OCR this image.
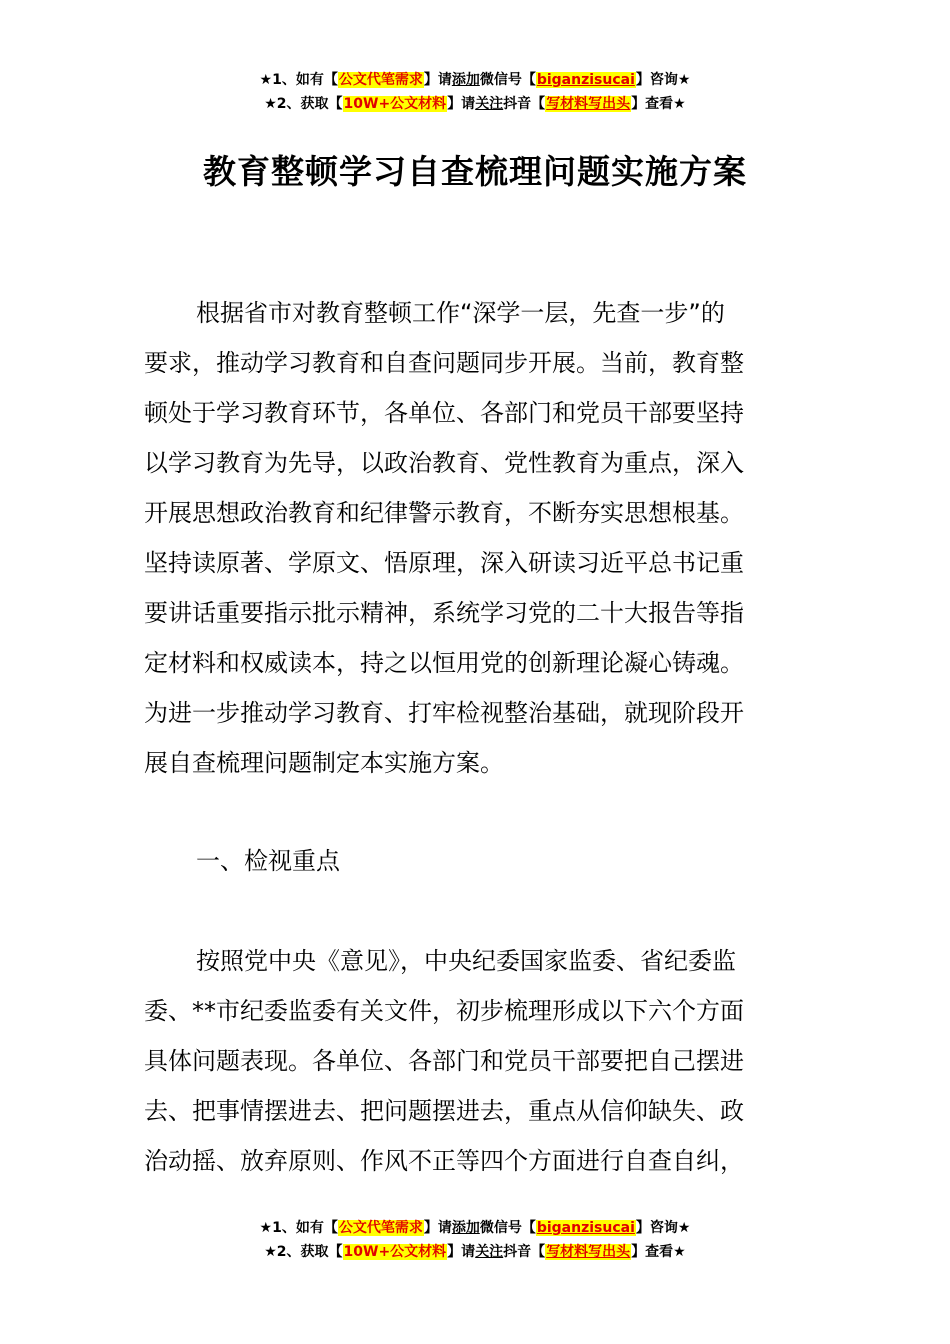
★1、如有【公文代笔需求】请添加微信号【biganzisucai】咨询★
★2、获取【10W+公文材料】请关注抖音【写材料写出头】查看★
教育整顿学习自查梳理问题实施方案
根据省市对教育整顿工作“深学一层，先查一步”的
要求，推动学习教育和自查问题同步开展。当前，教育整
顿处于学习教育环节，各单位、各部门和党员干部要坚持
以学习教育为先导，以政治教育、党性教育为重点，深入
开展思想政治教育和纪律警示教育，不断夯实思想根基。
坚持读原著、学原文、悟原理，深入研读习近平总书记重
要讲话重要指示批示精神，系统学习党的二十大报告等指
定材料和权威读本，持之以恒用党的创新理论凝心铸魂。
为进一步推动学习教育、打牢检视整治基础，就现阶段开
展自查梳理问题制定本实施方案。
一、检视重点
按照党中央《意见》，中央纪委国家监委、省纪委监
委、**市纪委监委有关文件，初步梳理形成以下六个方面
具体问题表现。各单位、各部门和党员干部要把自己摆进
去、把事情摆进去、把问题摆进去，重点从信仰缺失、政
治动摇、放弃原则、作风不正等四个方面进行自查自纠，
★1、如有【公文代笔需求】请添加微信号【biganzisucai】咨询★
★2、获取【10W+公文材料】请关注抖音【写材料写出头】查看★
